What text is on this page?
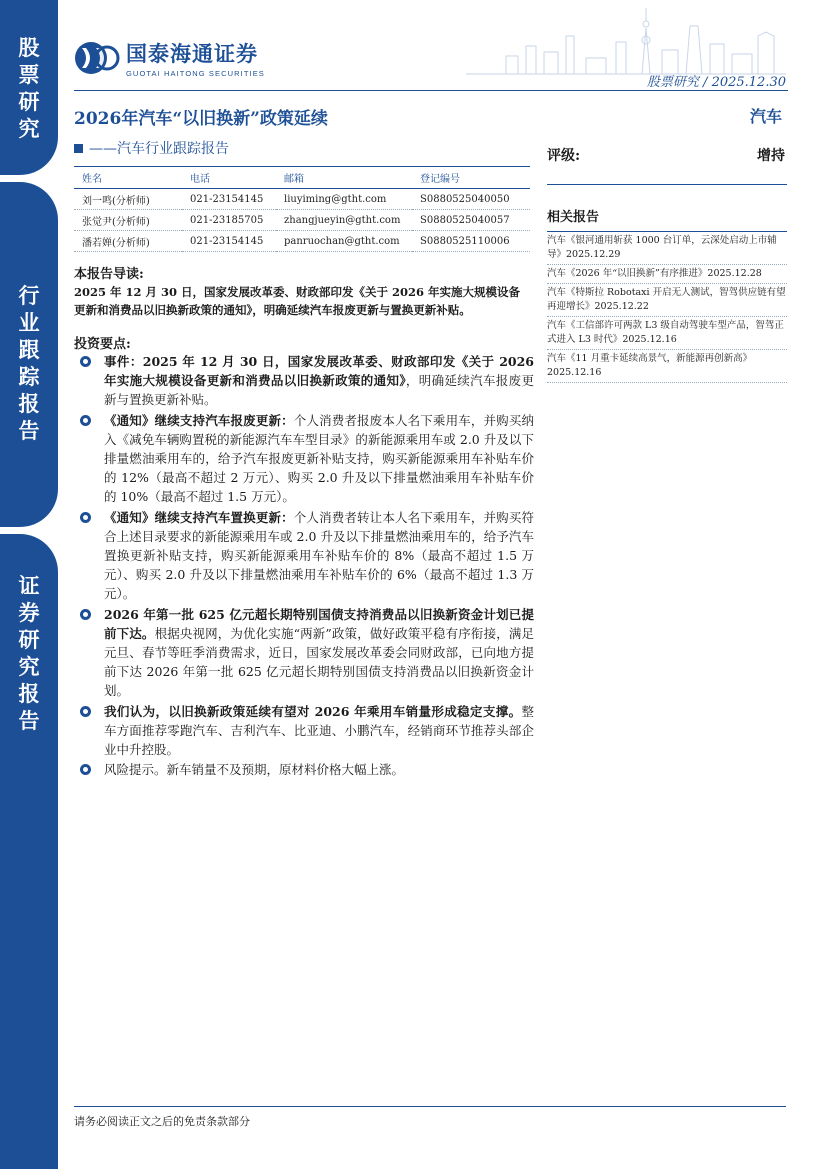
股
票
研
究
行
业
跟
踪
报
告
证
券
研
究
报
告
国泰海通证券
GUOTAI HAITONG SECURITIES
股票研究 / 2025.12.30
2026年汽车“以旧换新”政策延续	汽车
——汽车行业跟踪报告	评级:	增持
姓名	电话	邮箱	登记编号
刘一鸣(分析师)	021-23154145	liuyiming@gtht.com	S0880525040050
张觉尹(分析师)	021-23185705	zhangjueyin@gtht.com	S0880525040057
潘若婵(分析师)	021-23154145	panruochan@gtht.com	S0880525110006
相关报告
汽车《银河通用斩获 1000 台订单，云深处启动上市辅导》2025.12.29
汽车《2026 年“以旧换新”有序推进》2025.12.28
汽车《特斯拉 Robotaxi 开启无人测试，智驾供应链有望再迎增长》2025.12.22
汽车《工信部许可两款 L3 级自动驾驶车型产品，智驾正式进入 L3 时代》2025.12.16
汽车《11 月重卡延续高景气，新能源再创新高》2025.12.16
本报告导读:
2025 年 12 月 30 日，国家发展改革委、财政部印发《关于 2026 年实施大规模设备更新和消费品以旧换新政策的通知》，明确延续汽车报废更新与置换更新补贴。
投资要点:
事件：2025 年 12 月 30 日，国家发展改革委、财政部印发《关于 2026 年实施大规模设备更新和消费品以旧换新政策的通知》，明确延续汽车报废更新与置换更新补贴。
《通知》继续支持汽车报废更新：个人消费者报废本人名下乘用车，并购买纳入《减免车辆购置税的新能源汽车车型目录》的新能源乘用车或 2.0 升及以下排量燃油乘用车的，给予汽车报废更新补贴支持，购买新能源乘用车补贴车价的 12%（最高不超过 2 万元）、购买 2.0 升及以下排量燃油乘用车补贴车价的 10%（最高不超过 1.5 万元）。
《通知》继续支持汽车置换更新：个人消费者转让本人名下乘用车，并购买符合上述目录要求的新能源乘用车或 2.0 升及以下排量燃油乘用车的，给予汽车置换更新补贴支持，购买新能源乘用车补贴车价的 8%（最高不超过 1.5 万元）、购买 2.0 升及以下排量燃油乘用车补贴车价的 6%（最高不超过 1.3 万元）。
2026 年第一批 625 亿元超长期特别国债支持消费品以旧换新资金计划已提前下达。根据央视网，为优化实施“两新”政策，做好政策平稳有序衔接，满足元旦、春节等旺季消费需求，近日，国家发展改革委会同财政部，已向地方提前下达 2026 年第一批 625 亿元超长期特别国债支持消费品以旧换新资金计划。
我们认为，以旧换新政策延续有望对 2026 年乘用车销量形成稳定支撑。整车方面推荐零跑汽车、吉利汽车、比亚迪、小鹏汽车，经销商环节推荐头部企业中升控股。
风险提示。新车销量不及预期，原材料价格大幅上涨。
请务必阅读正文之后的免责条款部分
